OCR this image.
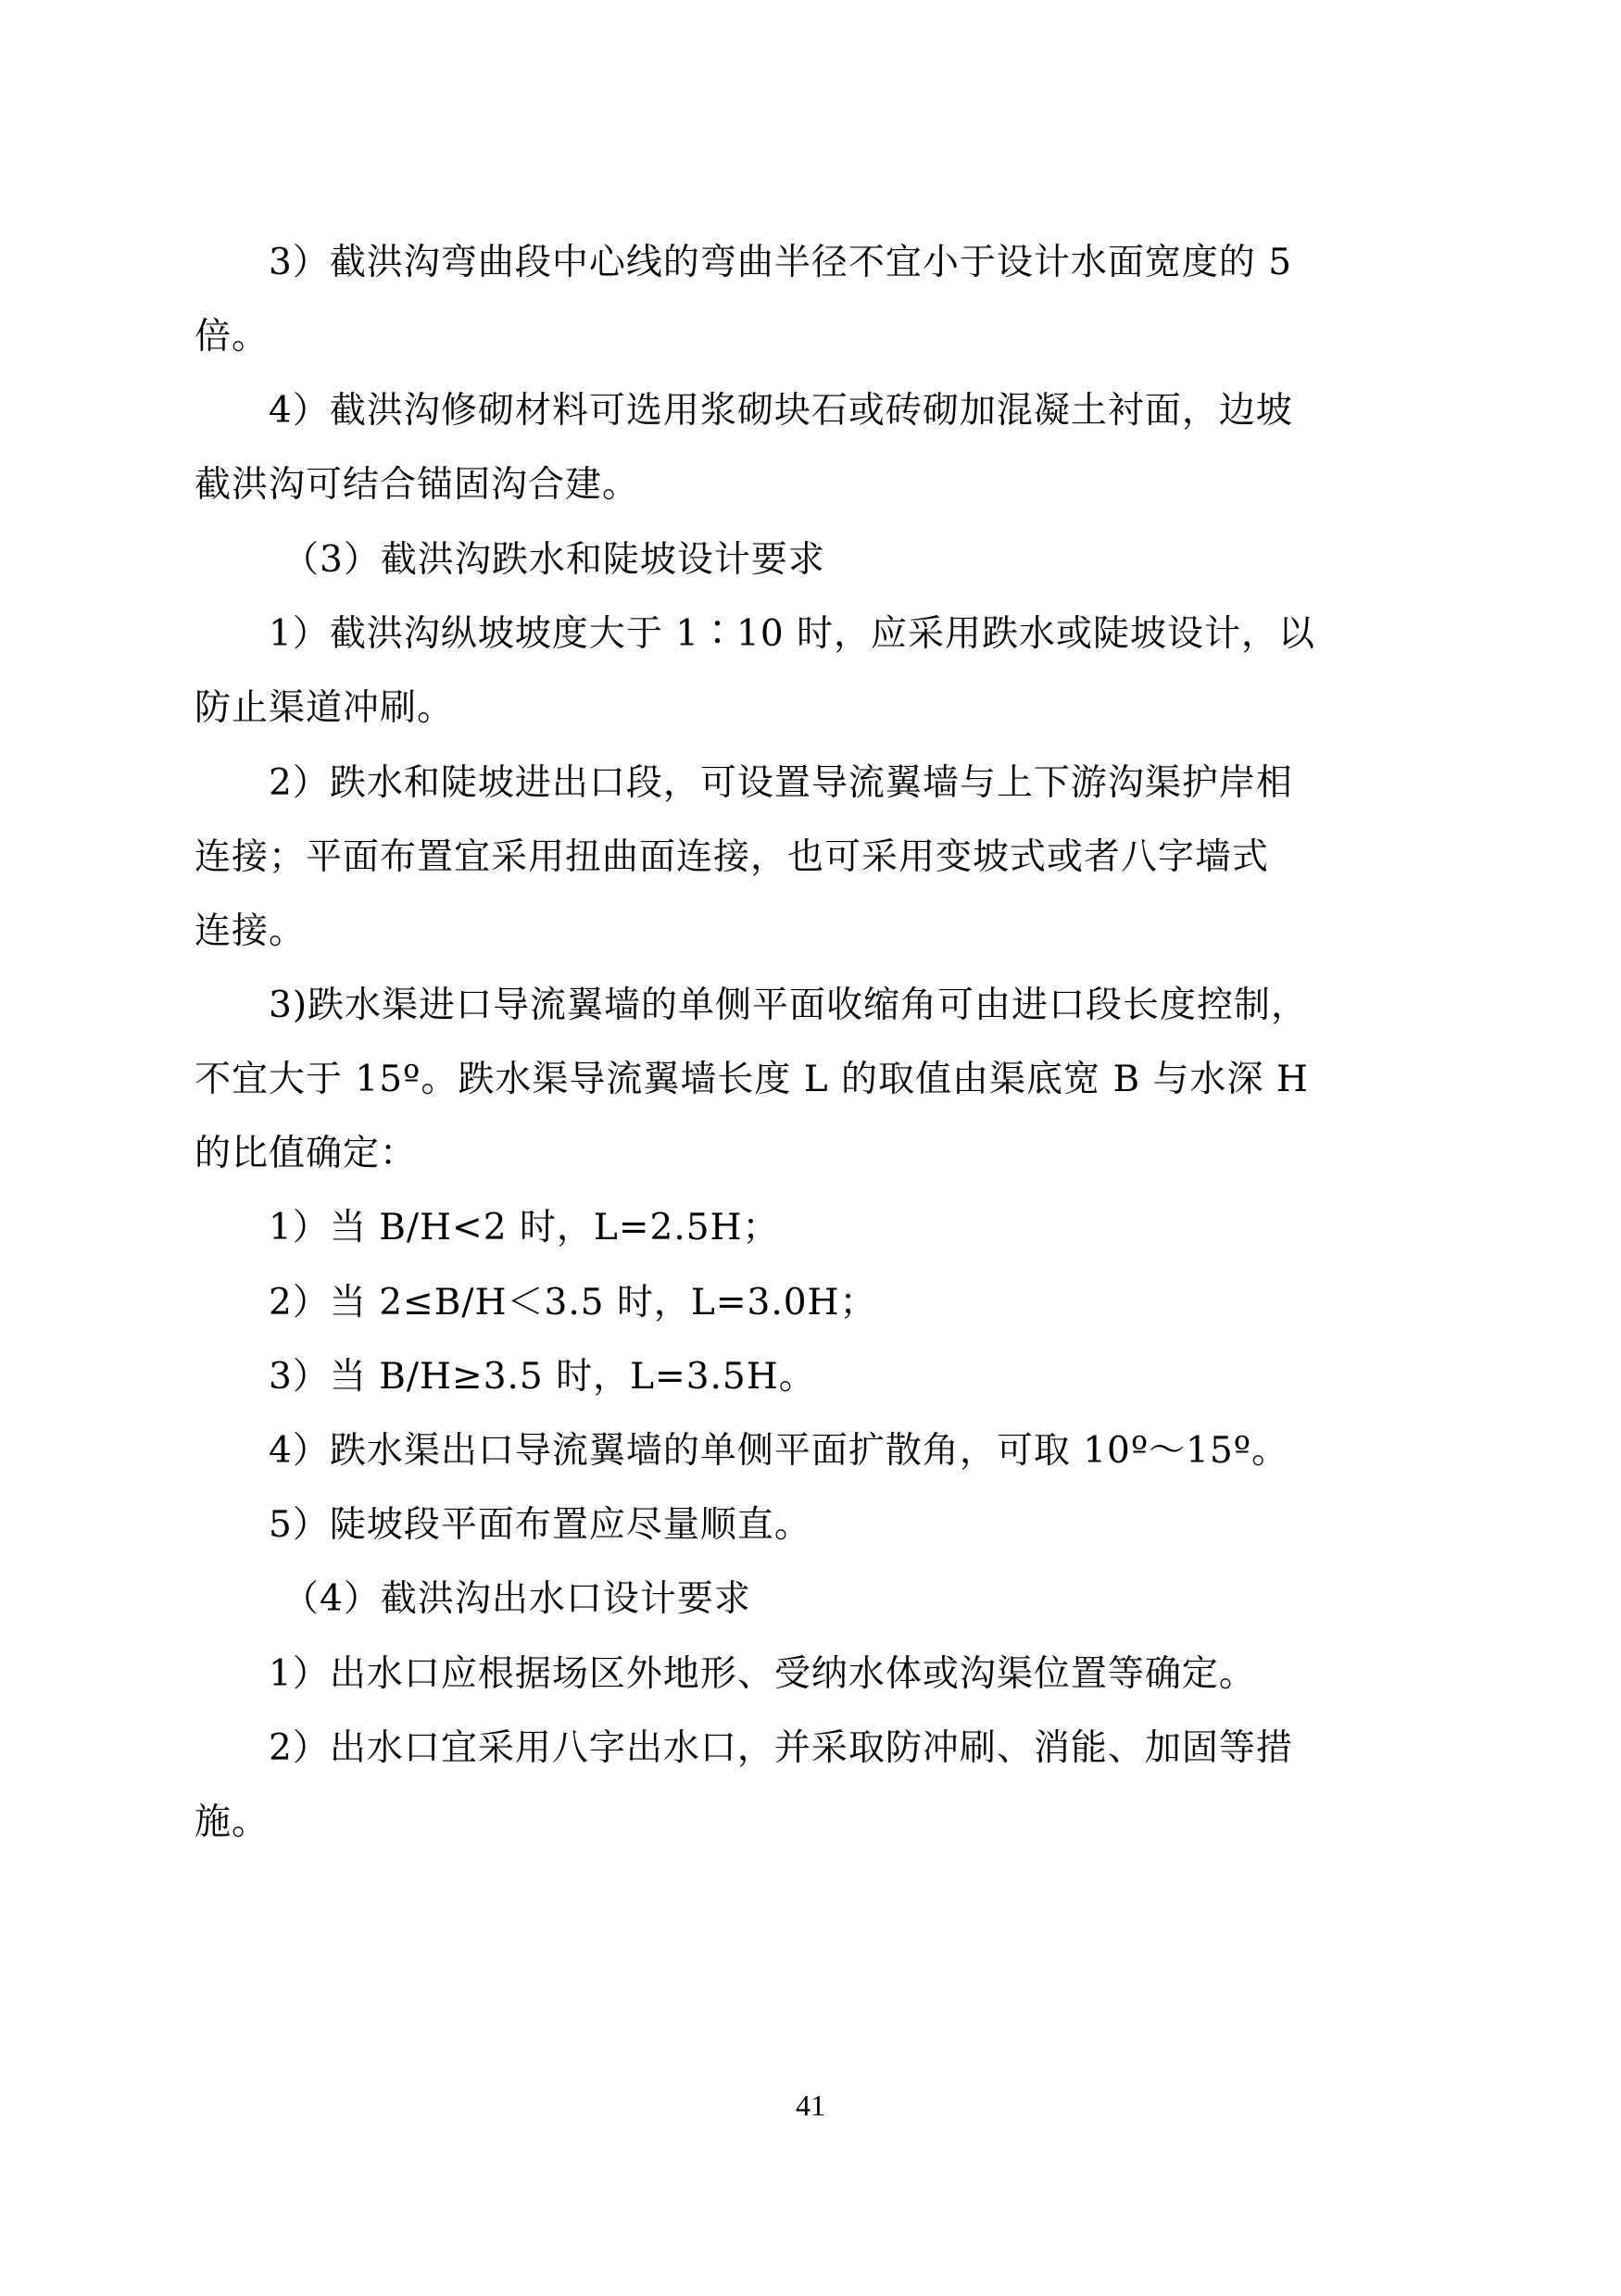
3）截洪沟弯曲段中心线的弯曲半径不宜小于设计水面宽度的 5
倍。
4）截洪沟修砌材料可选用浆砌块石或砖砌加混凝土衬面，边坡
截洪沟可结合锚固沟合建。
（3）截洪沟跌水和陡坡设计要求
1）截洪沟纵坡坡度大于 1∶10 时，应采用跌水或陡坡设计，以
防止渠道冲刷。
2）跌水和陡坡进出口段，可设置导流翼墙与上下游沟渠护岸相
连接；平面布置宜采用扭曲面连接，也可采用变坡式或者八字墙式
连接。
3)跌水渠进口导流翼墙的单侧平面收缩角可由进口段长度控制，
不宜大于 15º。跌水渠导流翼墙长度 L 的取值由渠底宽 B 与水深 H
的比值确定：
1）当 B/H<2 时，L=2.5H；
2）当 2≤B/H＜3.5 时，L=3.0H；
3）当 B/H≥3.5 时，L=3.5H。
4）跌水渠出口导流翼墙的单侧平面扩散角，可取 10º～15º。
5）陡坡段平面布置应尽量顺直。
（4）截洪沟出水口设计要求
1）出水口应根据场区外地形、受纳水体或沟渠位置等确定。
2）出水口宜采用八字出水口，并采取防冲刷、消能、加固等措
施。
41
